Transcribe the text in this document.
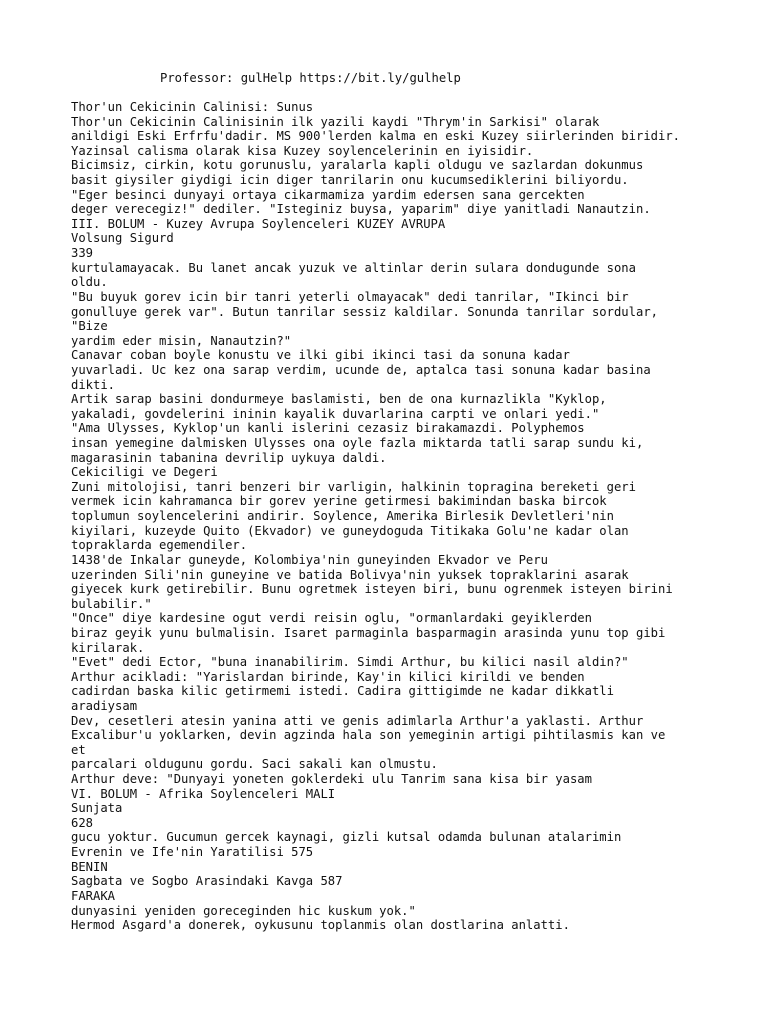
Professor: gulHelp https://bit.ly/gulhelp
Thor'un Cekicinin Calinisi: Sunus
Thor'un Cekicinin Calinisinin ilk yazili kaydi "Thrym'in Sarkisi" olarak
anildigi Eski Erfrfu'dadir. MS 900'lerden kalma en eski Kuzey siirlerinden biridir.
Yazinsal calisma olarak kisa Kuzey soylencelerinin en iyisidir.
Bicimsiz, cirkin, kotu gorunuslu, yaralarla kapli oldugu ve sazlardan dokunmus
basit giysiler giydigi icin diger tanrilarin onu kucumsediklerini biliyordu.
"Eger besinci dunyayi ortaya cikarmamiza yardim edersen sana gercekten
deger verecegiz!" dediler. "Isteginiz buysa, yaparim" diye yanitladi Nanautzin.
III. BOLUM - Kuzey Avrupa Soylenceleri KUZEY AVRUPA
Volsung Sigurd
339
kurtulamayacak. Bu lanet ancak yuzuk ve altinlar derin sulara dondugunde sona
oldu.
"Bu buyuk gorev icin bir tanri yeterli olmayacak" dedi tanrilar, "Ikinci bir
gonulluye gerek var". Butun tanrilar sessiz kaldilar. Sonunda tanrilar sordular,
"Bize
yardim eder misin, Nanautzin?"
Canavar coban boyle konustu ve ilki gibi ikinci tasi da sonuna kadar
yuvarladi. Uc kez ona sarap verdim, ucunde de, aptalca tasi sonuna kadar basina
dikti.
Artik sarap basini dondurmeye baslamisti, ben de ona kurnazlikla "Kyklop,
yakaladi, govdelerini ininin kayalik duvarlarina carpti ve onlari yedi."
"Ama Ulysses, Kyklop'un kanli islerini cezasiz birakamazdi. Polyphemos
insan yemegine dalmisken Ulysses ona oyle fazla miktarda tatli sarap sundu ki,
magarasinin tabanina devrilip uykuya daldi.
Cekiciligi ve Degeri
Zuni mitolojisi, tanri benzeri bir varligin, halkinin topragina bereketi geri
vermek icin kahramanca bir gorev yerine getirmesi bakimindan baska bircok
toplumun soylencelerini andirir. Soylence, Amerika Birlesik Devletleri'nin
kiyilari, kuzeyde Quito (Ekvador) ve guneydoguda Titikaka Golu'ne kadar olan
topraklarda egemendiler.
1438'de Inkalar guneyde, Kolombiya'nin guneyinden Ekvador ve Peru
uzerinden Sili'nin guneyine ve batida Bolivya'nin yuksek topraklarini asarak
giyecek kurk getirebilir. Bunu ogretmek isteyen biri, bunu ogrenmek isteyen birini
bulabilir."
"Once" diye kardesine ogut verdi reisin oglu, "ormanlardaki geyiklerden
biraz geyik yunu bulmalisin. Isaret parmaginla basparmagin arasinda yunu top gibi
kirilarak.
"Evet" dedi Ector, "buna inanabilirim. Simdi Arthur, bu kilici nasil aldin?"
Arthur acikladi: "Yarislardan birinde, Kay'in kilici kirildi ve benden
cadirdan baska kilic getirmemi istedi. Cadira gittigimde ne kadar dikkatli
aradiysam
Dev, cesetleri atesin yanina atti ve genis adimlarla Arthur'a yaklasti. Arthur
Excalibur'u yoklarken, devin agzinda hala son yemeginin artigi pihtilasmis kan ve
et
parcalari oldugunu gordu. Saci sakali kan olmustu.
Arthur deve: "Dunyayi yoneten goklerdeki ulu Tanrim sana kisa bir yasam
VI. BOLUM - Afrika Soylenceleri MALI
Sunjata
628
gucu yoktur. Gucumun gercek kaynagi, gizli kutsal odamda bulunan atalarimin
Evrenin ve Ife'nin Yaratilisi 575
BENIN
Sagbata ve Sogbo Arasindaki Kavga 587
FARAKA
dunyasini yeniden goreceginden hic kuskum yok."
Hermod Asgard'a donerek, oykusunu toplanmis olan dostlarina anlatti.
